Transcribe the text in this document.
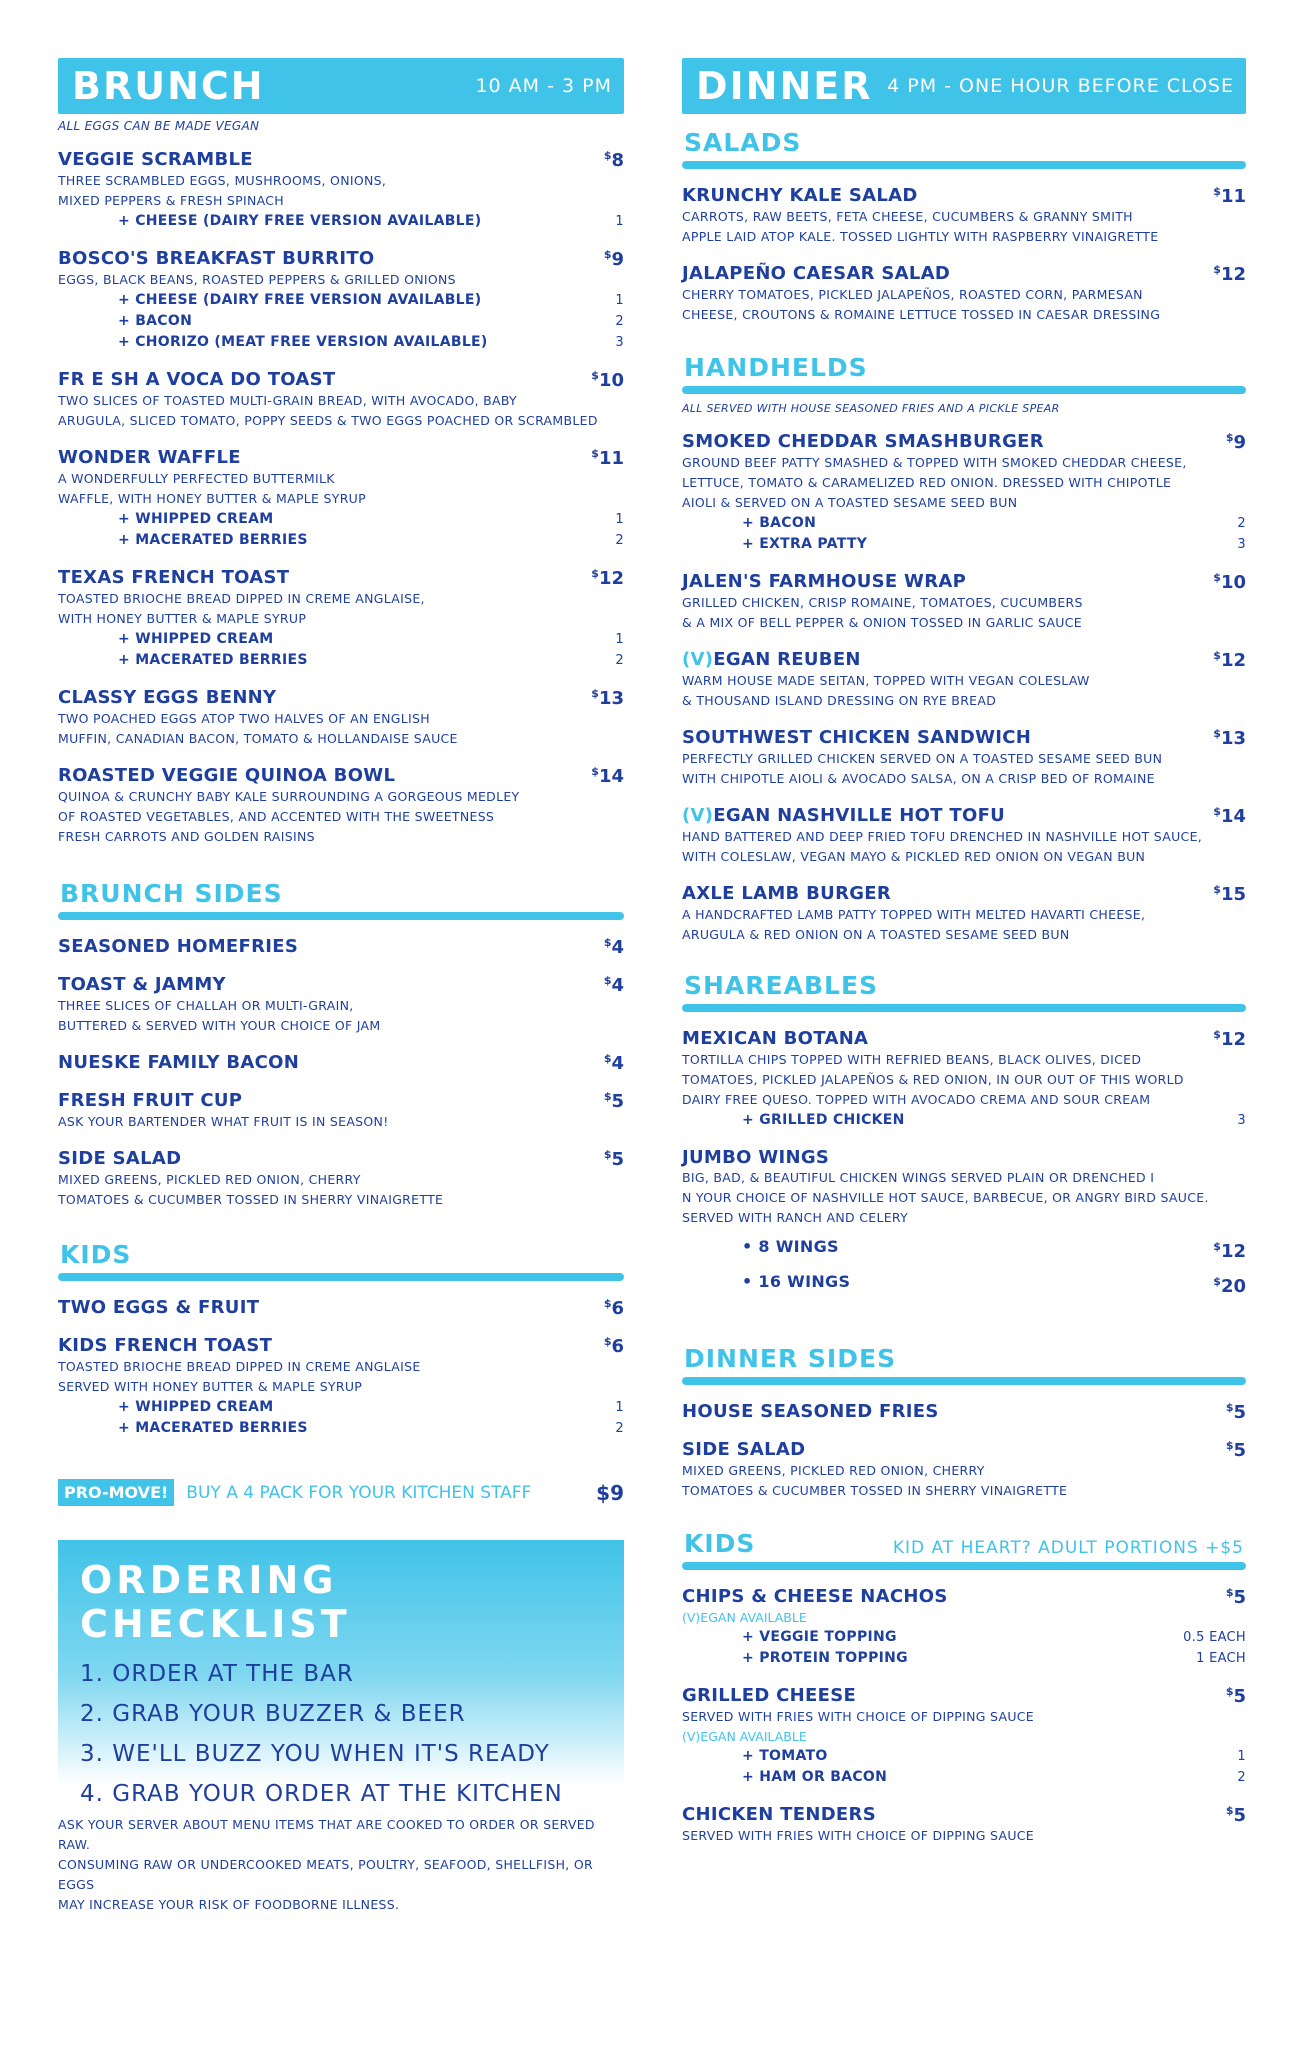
BRUNCH	10 AM - 3 PM
ALL EGGS CAN BE MADE VEGAN
VEGGIE SCRAMBLE	$8
THREE SCRAMBLED EGGS, MUSHROOMS, ONIONS,
MIXED PEPPERS & FRESH SPINACH
+ CHEESE (DAIRY FREE VERSION AVAILABLE)	1
BOSCO'S BREAKFAST BURRITO	$9
EGGS, BLACK BEANS, ROASTED PEPPERS & GRILLED ONIONS
+ CHEESE (DAIRY FREE VERSION AVAILABLE)	1
+ BACON	2
+ CHORIZO (MEAT FREE VERSION AVAILABLE)	3
FR E SH A VOCA DO TOAST	$10
TWO SLICES OF TOASTED MULTI-GRAIN BREAD, WITH AVOCADO, BABY
ARUGULA, SLICED TOMATO, POPPY SEEDS & TWO EGGS POACHED OR SCRAMBLED
WONDER WAFFLE	$11
A WONDERFULLY PERFECTED BUTTERMILK
WAFFLE, WITH HONEY BUTTER & MAPLE SYRUP
+ WHIPPED CREAM	1
+ MACERATED BERRIES	2
TEXAS FRENCH TOAST	$12
TOASTED BRIOCHE BREAD DIPPED IN CREME ANGLAISE,
WITH HONEY BUTTER & MAPLE SYRUP
+ WHIPPED CREAM	1
+ MACERATED BERRIES	2
CLASSY EGGS BENNY	$13
TWO POACHED EGGS ATOP TWO HALVES OF AN ENGLISH
MUFFIN, CANADIAN BACON, TOMATO & HOLLANDAISE SAUCE
ROASTED VEGGIE QUINOA BOWL	$14
QUINOA & CRUNCHY BABY KALE SURROUNDING A GORGEOUS MEDLEY
OF ROASTED VEGETABLES, AND ACCENTED WITH THE SWEETNESS
FRESH CARROTS AND GOLDEN RAISINS
BRUNCH SIDES
SEASONED HOMEFRIES	$4
TOAST & JAMMY	$4
THREE SLICES OF CHALLAH OR MULTI-GRAIN,
BUTTERED & SERVED WITH YOUR CHOICE OF JAM
NUESKE FAMILY BACON	$4
FRESH FRUIT CUP	$5
ASK YOUR BARTENDER WHAT FRUIT IS IN SEASON!
SIDE SALAD	$5
MIXED GREENS, PICKLED RED ONION, CHERRY
TOMATOES & CUCUMBER TOSSED IN SHERRY VINAIGRETTE
KIDS
TWO EGGS & FRUIT	$6
KIDS FRENCH TOAST	$6
TOASTED BRIOCHE BREAD DIPPED IN CREME ANGLAISE
SERVED WITH HONEY BUTTER & MAPLE SYRUP
+ WHIPPED CREAM	1
+ MACERATED BERRIES	2
PRO-MOVE!	BUY A 4 PACK FOR YOUR KITCHEN STAFF	$9
ORDERING CHECKLIST
1. ORDER AT THE BAR
2. GRAB YOUR BUZZER & BEER
3. WE'LL BUZZ YOU WHEN IT'S READY
4. GRAB YOUR ORDER AT THE KITCHEN
ASK YOUR SERVER ABOUT MENU ITEMS THAT ARE COOKED TO ORDER OR SERVED RAW.
CONSUMING RAW OR UNDERCOOKED MEATS, POULTRY, SEAFOOD, SHELLFISH, OR EGGS
MAY INCREASE YOUR RISK OF FOODBORNE ILLNESS.
DINNER 4 PM - ONE HOUR BEFORE CLOSE
SALADS
KRUNCHY KALE SALAD	$11
CARROTS, RAW BEETS, FETA CHEESE, CUCUMBERS & GRANNY SMITH
APPLE LAID ATOP KALE. TOSSED LIGHTLY WITH RASPBERRY VINAIGRETTE
JALAPEÑO CAESAR SALAD	$12
CHERRY TOMATOES, PICKLED JALAPEÑOS, ROASTED CORN, PARMESAN
CHEESE, CROUTONS & ROMAINE LETTUCE TOSSED IN CAESAR DRESSING
HANDHELDS
ALL SERVED WITH HOUSE SEASONED FRIES AND A PICKLE SPEAR
SMOKED CHEDDAR SMASHBURGER	$9
GROUND BEEF PATTY SMASHED & TOPPED WITH SMOKED CHEDDAR CHEESE,
LETTUCE, TOMATO & CARAMELIZED RED ONION. DRESSED WITH CHIPOTLE
AIOLI & SERVED ON A TOASTED SESAME SEED BUN
+ BACON	2
+ EXTRA PATTY	3
JALEN'S FARMHOUSE WRAP	$10
GRILLED CHICKEN, CRISP ROMAINE, TOMATOES, CUCUMBERS
& A MIX OF BELL PEPPER & ONION TOSSED IN GARLIC SAUCE
(V)EGAN REUBEN	$12
WARM HOUSE MADE SEITAN, TOPPED WITH VEGAN COLESLAW
& THOUSAND ISLAND DRESSING ON RYE BREAD
SOUTHWEST CHICKEN SANDWICH	$13
PERFECTLY GRILLED CHICKEN SERVED ON A TOASTED SESAME SEED BUN
WITH CHIPOTLE AIOLI & AVOCADO SALSA, ON A CRISP BED OF ROMAINE
(V)EGAN NASHVILLE HOT TOFU	$14
HAND BATTERED AND DEEP FRIED TOFU DRENCHED IN NASHVILLE HOT SAUCE,
WITH COLESLAW, VEGAN MAYO & PICKLED RED ONION ON VEGAN BUN
AXLE LAMB BURGER	$15
A HANDCRAFTED LAMB PATTY TOPPED WITH MELTED HAVARTI CHEESE,
ARUGULA & RED ONION ON A TOASTED SESAME SEED BUN
SHAREABLES
MEXICAN BOTANA	$12
TORTILLA CHIPS TOPPED WITH REFRIED BEANS, BLACK OLIVES, DICED
TOMATOES, PICKLED JALAPEÑOS & RED ONION, IN OUR OUT OF THIS WORLD
DAIRY FREE QUESO. TOPPED WITH AVOCADO CREMA AND SOUR CREAM
+ GRILLED CHICKEN	3
JUMBO WINGS
BIG, BAD, & BEAUTIFUL CHICKEN WINGS SERVED PLAIN OR DRENCHED I
N YOUR CHOICE OF NASHVILLE HOT SAUCE, BARBECUE, OR ANGRY BIRD SAUCE.
SERVED WITH RANCH AND CELERY
• 8 WINGS	$12
• 16 WINGS	$20
DINNER SIDES
HOUSE SEASONED FRIES	$5
SIDE SALAD	$5
MIXED GREENS, PICKLED RED ONION, CHERRY
TOMATOES & CUCUMBER TOSSED IN SHERRY VINAIGRETTE
KIDS	KID AT HEART? ADULT PORTIONS +$5
CHIPS & CHEESE NACHOS	$5
(V)EGAN AVAILABLE
+ VEGGIE TOPPING	0.5 EACH
+ PROTEIN TOPPING	1 EACH
GRILLED CHEESE	$5
SERVED WITH FRIES WITH CHOICE OF DIPPING SAUCE
(V)EGAN AVAILABLE
+ TOMATO	1
+ HAM OR BACON	2
CHICKEN TENDERS	$5
SERVED WITH FRIES WITH CHOICE OF DIPPING SAUCE
